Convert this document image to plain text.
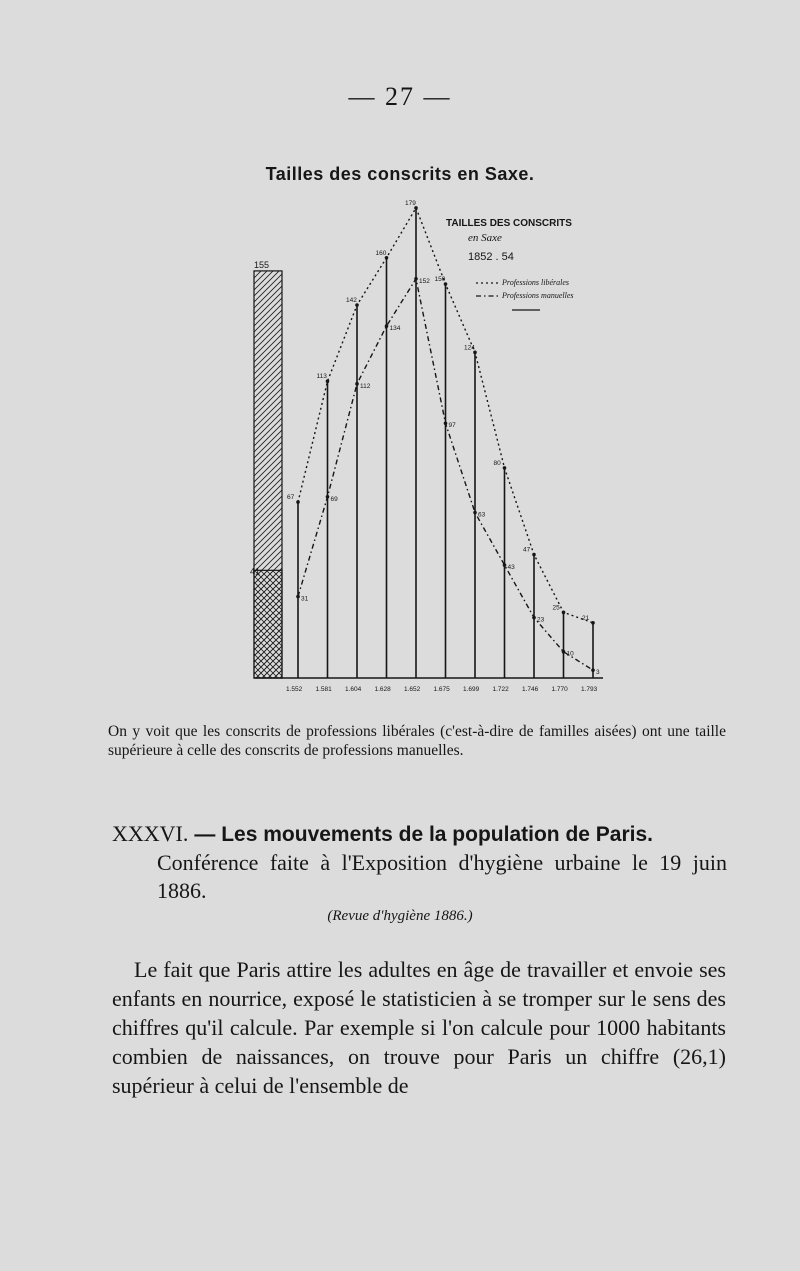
— 27 —
Tailles des conscrits en Saxe.
155
41
1.552 1.581 1.604 1.628 1.652 1.675 1.699 1.722 1.746 1.770 1.793
67
113
142
160
179
150
124
80
47
25
21
31
69
112
134
152
97
63
43
23
10
3
TAILLES DES CONSCRITS
en Saxe
1852 . 54
Professions libérales
Professions manuelles
On y voit que les conscrits de professions libérales (c'est-à-dire de familles aisées) ont une taille supérieure à celle des conscrits de professions manuelles.
XXXVI. — Les mouvements de la population de Paris.
Conférence faite à l'Exposition d'hygiène urbaine le 19 juin 1886.
(Revue d'hygiène 1886.)
Le fait que Paris attire les adultes en âge de travailler et envoie ses enfants en nourrice, exposé le statisticien à se tromper sur le sens des chiffres qu'il calcule. Par exemple si l'on calcule pour 1000 habitants combien de naissances, on trouve pour Paris un chiffre (26,1) supérieur à celui de l'ensemble de
